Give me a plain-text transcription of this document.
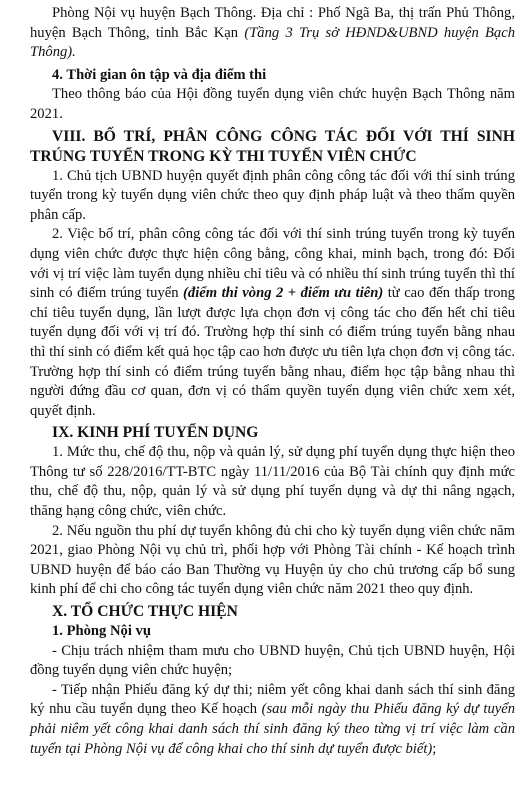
Phòng Nội vụ huyện Bạch Thông. Địa chỉ : Phố Ngã Ba, thị trấn Phủ Thông, huyện Bạch Thông, tỉnh Bắc Kạn (Tầng 3 Trụ sở HĐND&UBND huyện Bạch Thông).

4. Thời gian ôn tập và địa điểm thi

Theo thông báo của Hội đồng tuyển dụng viên chức huyện Bạch Thông năm 2021.

VIII. BỐ TRÍ, PHÂN CÔNG CÔNG TÁC ĐỐI VỚI THÍ SINH TRÚNG TUYỂN TRONG KỲ THI TUYỂN VIÊN CHỨC

1. Chủ tịch UBND huyện quyết định phân công công tác đối với thí sinh trúng tuyển trong kỳ tuyển dụng viên chức theo quy định pháp luật và theo thẩm quyền phân cấp.

2. Việc bố trí, phân công công tác đối với thí sinh trúng tuyển trong kỳ tuyển dụng viên chức được thực hiện công bằng, công khai, minh bạch, trong đó: Đối với vị trí việc làm tuyển dụng nhiều chỉ tiêu và có nhiều thí sinh trúng tuyển thì thí sinh có điểm trúng tuyển (điểm thi vòng 2 + điểm ưu tiên) từ cao đến thấp trong chỉ tiêu tuyển dụng, lần lượt được lựa chọn đơn vị công tác cho đến hết chỉ tiêu tuyển dụng đối với vị trí đó. Trường hợp thí sinh có điểm trúng tuyển bằng nhau thì thí sinh có điểm kết quả học tập cao hơn được ưu tiên lựa chọn đơn vị công tác. Trường hợp thí sinh có điểm trúng tuyển bằng nhau, điểm học tập bằng nhau thì người đứng đầu cơ quan, đơn vị có thẩm quyền tuyển dụng viên chức xem xét, quyết định.

IX. KINH PHÍ TUYỂN DỤNG

1. Mức thu, chế độ thu, nộp và quản lý, sử dụng phí tuyển dụng thực hiện theo Thông tư số 228/2016/TT-BTC ngày 11/11/2016 của Bộ Tài chính quy định mức thu, chế độ thu, nộp, quản lý và sử dụng phí tuyển dụng và dự thi nâng ngạch, thăng hạng công chức, viên chức.

2. Nếu nguồn thu phí dự tuyển không đủ chi cho kỳ tuyển dụng viên chức năm 2021, giao Phòng Nội vụ chủ trì, phối hợp với Phòng Tài chính - Kế hoạch trình UBND huyện để báo cáo Ban Thường vụ Huyện ủy cho chủ trương cấp bổ sung kinh phí để chi cho công tác tuyển dụng viên chức năm 2021 theo quy định.

X. TỔ CHỨC THỰC HIỆN

1. Phòng Nội vụ

- Chịu trách nhiệm tham mưu cho UBND huyện, Chủ tịch UBND huyện, Hội đồng tuyển dụng viên chức huyện;

- Tiếp nhận Phiếu đăng ký dự thi; niêm yết công khai danh sách thí sinh đăng ký nhu cầu tuyển dụng theo Kế hoạch (sau mỗi ngày thu Phiếu đăng ký dự tuyển phải niêm yết công khai danh sách thí sinh đăng ký theo từng vị trí việc làm cần tuyển tại Phòng Nội vụ để công khai cho thí sinh dự tuyển được biết);
